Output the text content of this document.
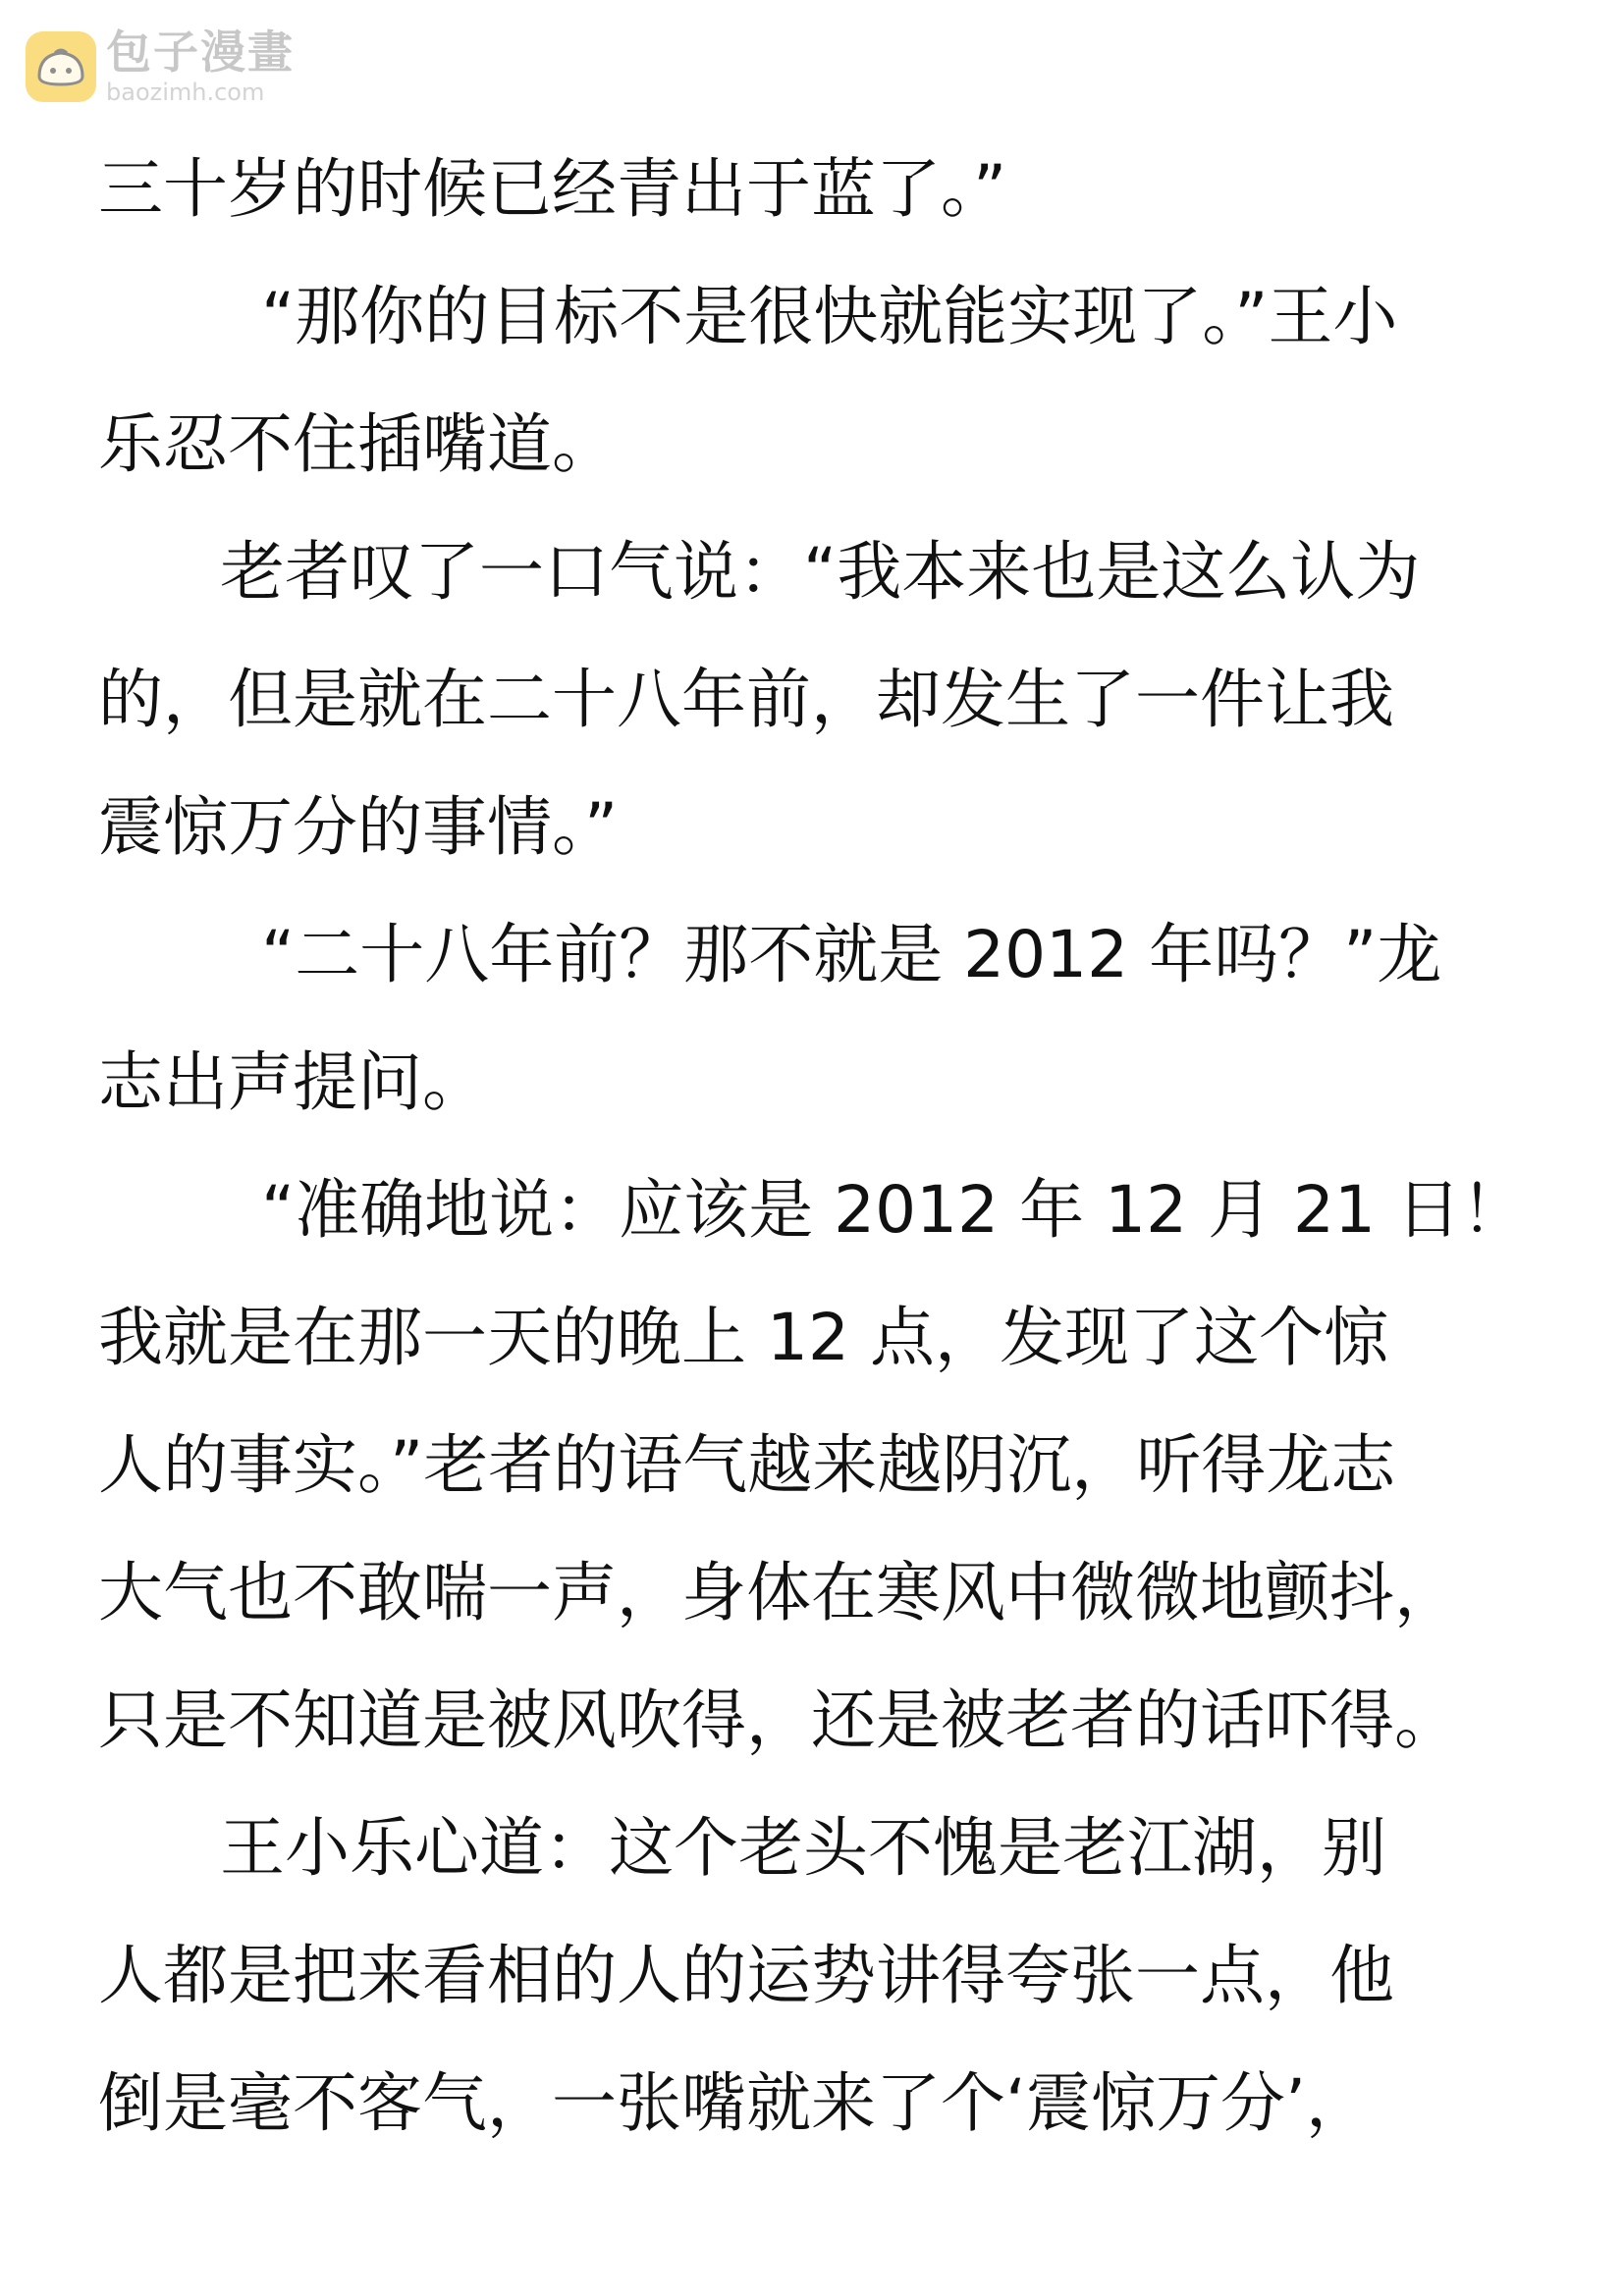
包子漫畫
baozimh.com
三十岁的时候已经青出于蓝了。”
“那你的目标不是很快就能实现了。”王小
乐忍不住插嘴道。
老者叹了一口气说：“我本来也是这么认为
的，但是就在二十八年前，却发生了一件让我
震惊万分的事情。”
“二十八年前？那不就是 2012 年吗？”龙
志出声提问。
“准确地说：应该是 2012 年 12 月 21 日！
我就是在那一天的晚上 12 点，发现了这个惊
人的事实。”老者的语气越来越阴沉，听得龙志
大气也不敢喘一声，身体在寒风中微微地颤抖，
只是不知道是被风吹得，还是被老者的话吓得。
王小乐心道：这个老头不愧是老江湖，别
人都是把来看相的人的运势讲得夸张一点，他
倒是毫不客气，一张嘴就来了个‘震惊万分’，
